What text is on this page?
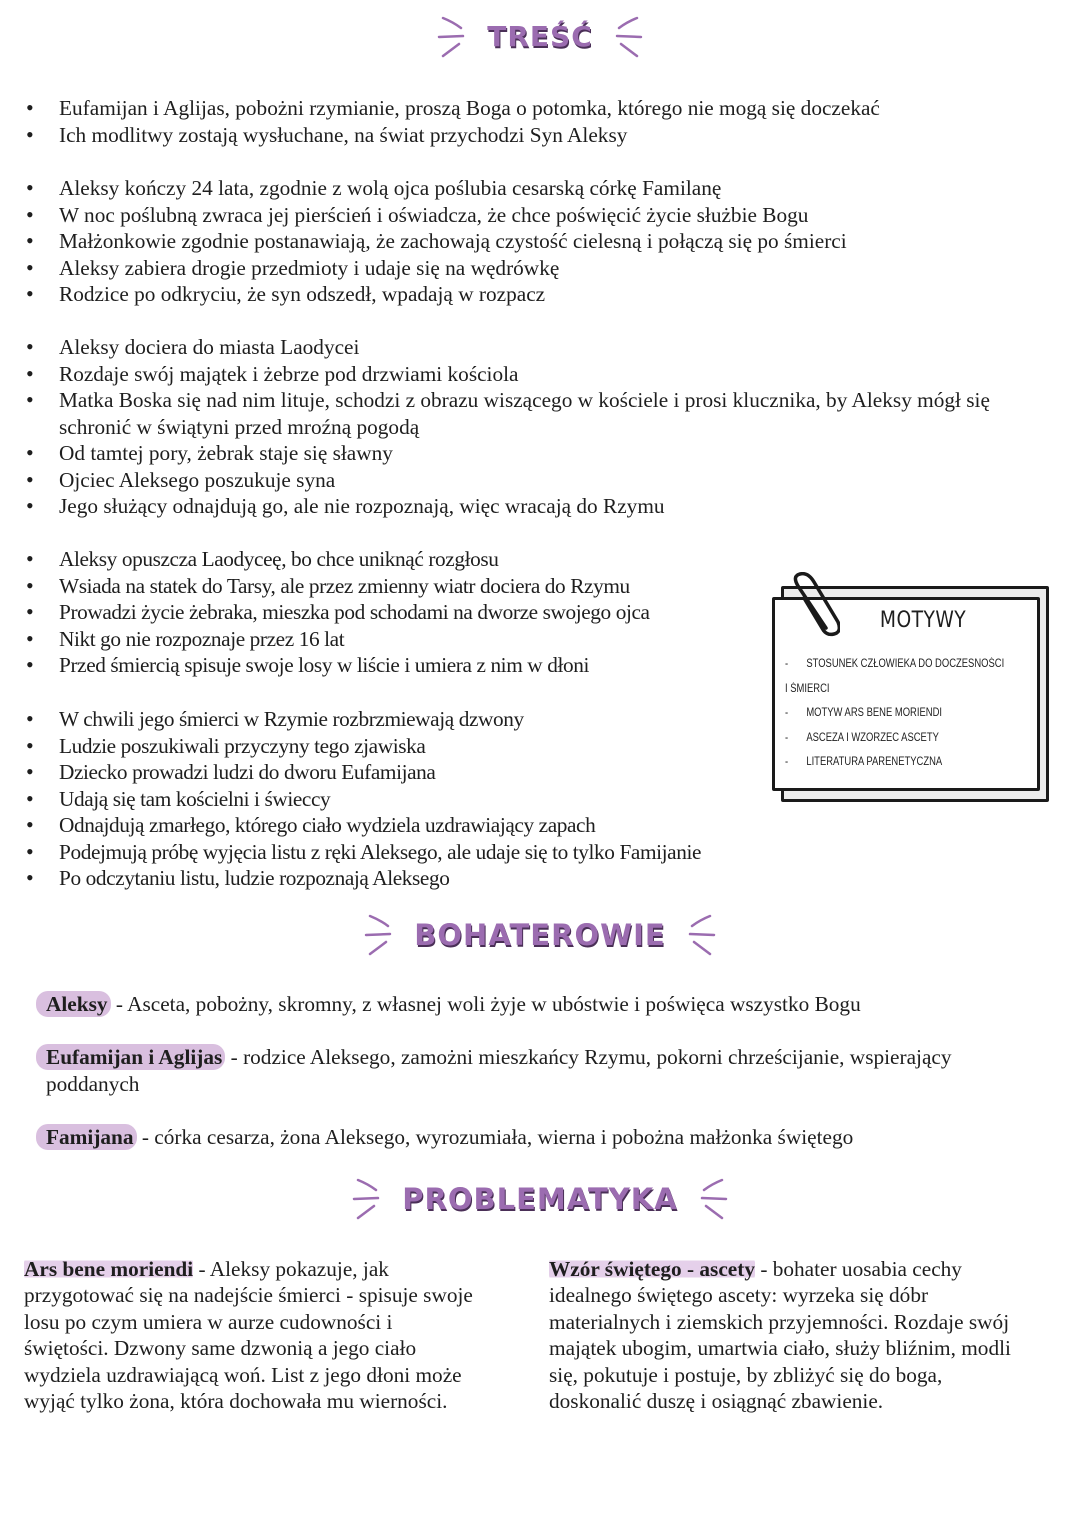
TREŚĆ
• Eufamijan i Aglijas, pobożni rzymianie, proszą Boga o potomka, którego nie mogą się doczekać
• Ich modlitwy zostają wysłuchane, na świat przychodzi Syn Aleksy
• Aleksy kończy 24 lata, zgodnie z wolą ojca poślubia cesarską córkę Familanę
• W noc poślubną zwraca jej pierścień i oświadcza, że chce poświęcić życie służbie Bogu
• Małżonkowie zgodnie postanawiają, że zachowają czystość cielesną i połączą się po śmierci
• Aleksy zabiera drogie przedmioty i udaje się na wędrówkę
• Rodzice po odkryciu, że syn odszedł, wpadają w rozpacz
• Aleksy dociera do miasta Laodycei
• Rozdaje swój majątek i żebrze pod drzwiami kościola
• Matka Boska się nad nim lituje, schodzi z obrazu wiszącego w kościele i prosi klucznika, by Aleksy mógł się schronić w świątyni przed mroźną pogodą
• Od tamtej pory, żebrak staje się sławny
• Ojciec Aleksego poszukuje syna
• Jego służący odnajdują go, ale nie rozpoznają, więc wracają do Rzymu
• Aleksy opuszcza Laodyceę, bo chce uniknąć rozgłosu
• Wsiada na statek do Tarsy, ale przez zmienny wiatr dociera do Rzymu
• Prowadzi życie żebraka, mieszka pod schodami na dworze swojego ojca
• Nikt go nie rozpoznaje przez 16 lat
• Przed śmiercią spisuje swoje losy w liście i umiera z nim w dłoni
• W chwili jego śmierci w Rzymie rozbrzmiewają dzwony
• Ludzie poszukiwali przyczyny tego zjawiska
• Dziecko prowadzi ludzi do dworu Eufamijana
• Udają się tam kościelni i świeccy
• Odnajdują zmarłego, którego ciało wydziela uzdrawiający zapach
• Podejmują próbę wyjęcia listu z ręki Aleksego, ale udaje się to tylko Famijanie
• Po odczytaniu listu, ludzie rozpoznają Aleksego
MOTYWY
- STOSUNEK CZŁOWIEKA DO DOCZESNOŚCI
I ŚMIERCI
- MOTYW ARS BENE MORIENDI
- ASCEZA I WZORZEC ASCETY
- LITERATURA PARENETYCZNA
BOHATEROWIE
Aleksy - Asceta, pobożny, skromny, z własnej woli żyje w ubóstwie i poświęca wszystko Bogu
Eufamijan i Aglijas - rodzice Aleksego, zamożni mieszkańcy Rzymu, pokorni chrześcijanie, wspierający poddanych
Famijana - córka cesarza, żona Aleksego, wyrozumiała, wierna i pobożna małżonka świętego
PROBLEMATYKA
Ars bene moriendi - Aleksy pokazuje, jak przygotować się na nadejście śmierci - spisuje swoje losu po czym umiera w aurze cudowności i świętości. Dzwony same dzwonią a jego ciało wydziela uzdrawiającą woń. List z jego dłoni może wyjąć tylko żona, która dochowała mu wierności.
Wzór świętego - ascety - bohater uosabia cechy idealnego świętego ascety: wyrzeka się dóbr materialnych i ziemskich przyjemności. Rozdaje swój majątek ubogim, umartwia ciało, służy bliźnim, modli się, pokutuje i postuje, by zbliżyć się do boga, doskonalić duszę i osiągnąć zbawienie.
